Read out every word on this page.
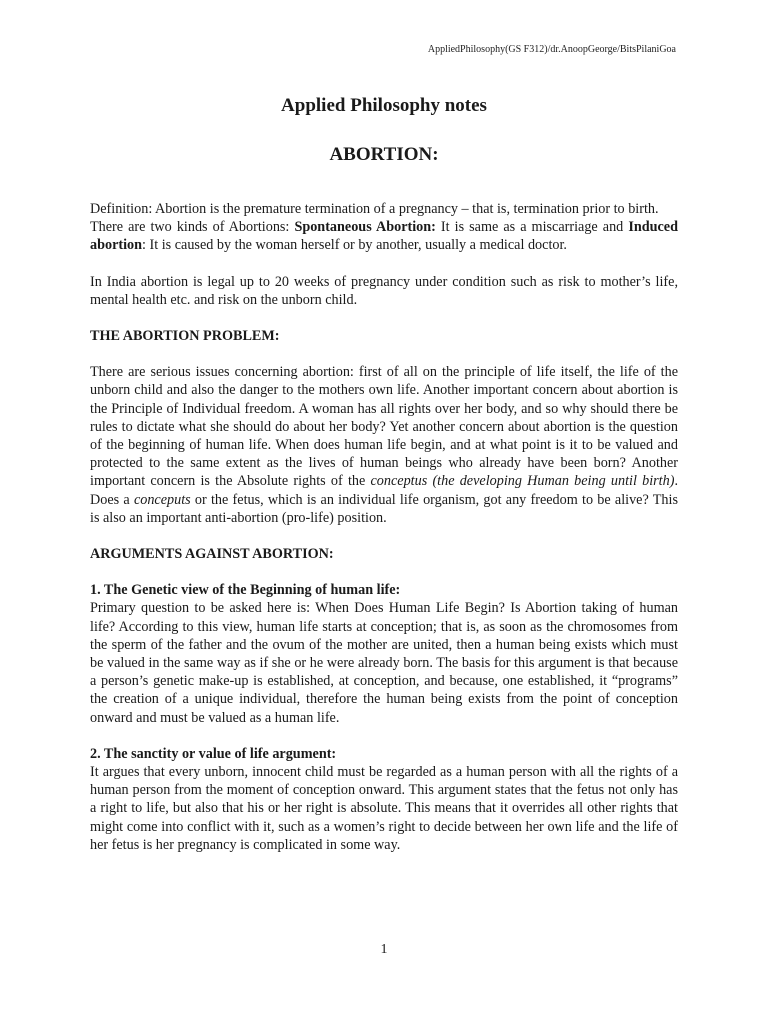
AppliedPhilosophy(GS F312)/dr.AnoopGeorge/BitsPilaniGoa
Applied Philosophy notes
ABORTION:

Definition: Abortion is the premature termination of a pregnancy – that is, termination prior to birth.

There are two kinds of Abortions: Spontaneous Abortion: It is same as a miscarriage and Induced abortion: It is caused by the woman herself or by another, usually a medical doctor.

In India abortion is legal up to 20 weeks of pregnancy under condition such as risk to mother’s life, mental health etc. and risk on the unborn child.

THE ABORTION PROBLEM:

There are serious issues concerning abortion: first of all on the principle of life itself, the life of the unborn child and also the danger to the mothers own life. Another important concern about abortion is the Principle of Individual freedom. A woman has all rights over her body, and so why should there be rules to dictate what she should do about her body? Yet another concern about abortion is the question of the beginning of human life. When does human life begin, and at what point is it to be valued and protected to the same extent as the lives of human beings who already have been born? Another important concern is the Absolute rights of the conceptus (the developing Human being until birth). Does a conceputs or the fetus, which is an individual life organism, got any freedom to be alive? This is also an important anti-abortion (pro-life) position.

ARGUMENTS AGAINST ABORTION:

1. The Genetic view of the Beginning of human life:

Primary question to be asked here is: When Does Human Life Begin? Is Abortion taking of human life? According to this view, human life starts at conception; that is, as soon as the chromosomes from the sperm of the father and the ovum of the mother are united, then a human being exists which must be valued in the same way as if she or he were already born. The basis for this argument is that because a person’s genetic make-up is established, at conception, and because, one established, it “programs” the creation of a unique individual, therefore the human being exists from the point of conception onward and must be valued as a human life.

2. The sanctity or value of life argument:

It argues that every unborn, innocent child must be regarded as a human person with all the rights of a human person from the moment of conception onward. This argument states that the fetus not only has a right to life, but also that his or her right is absolute. This means that it overrides all other rights that might come into conflict with it, such as a women’s right to decide between her own life and the life of her fetus is her pregnancy is complicated in some way.

1
